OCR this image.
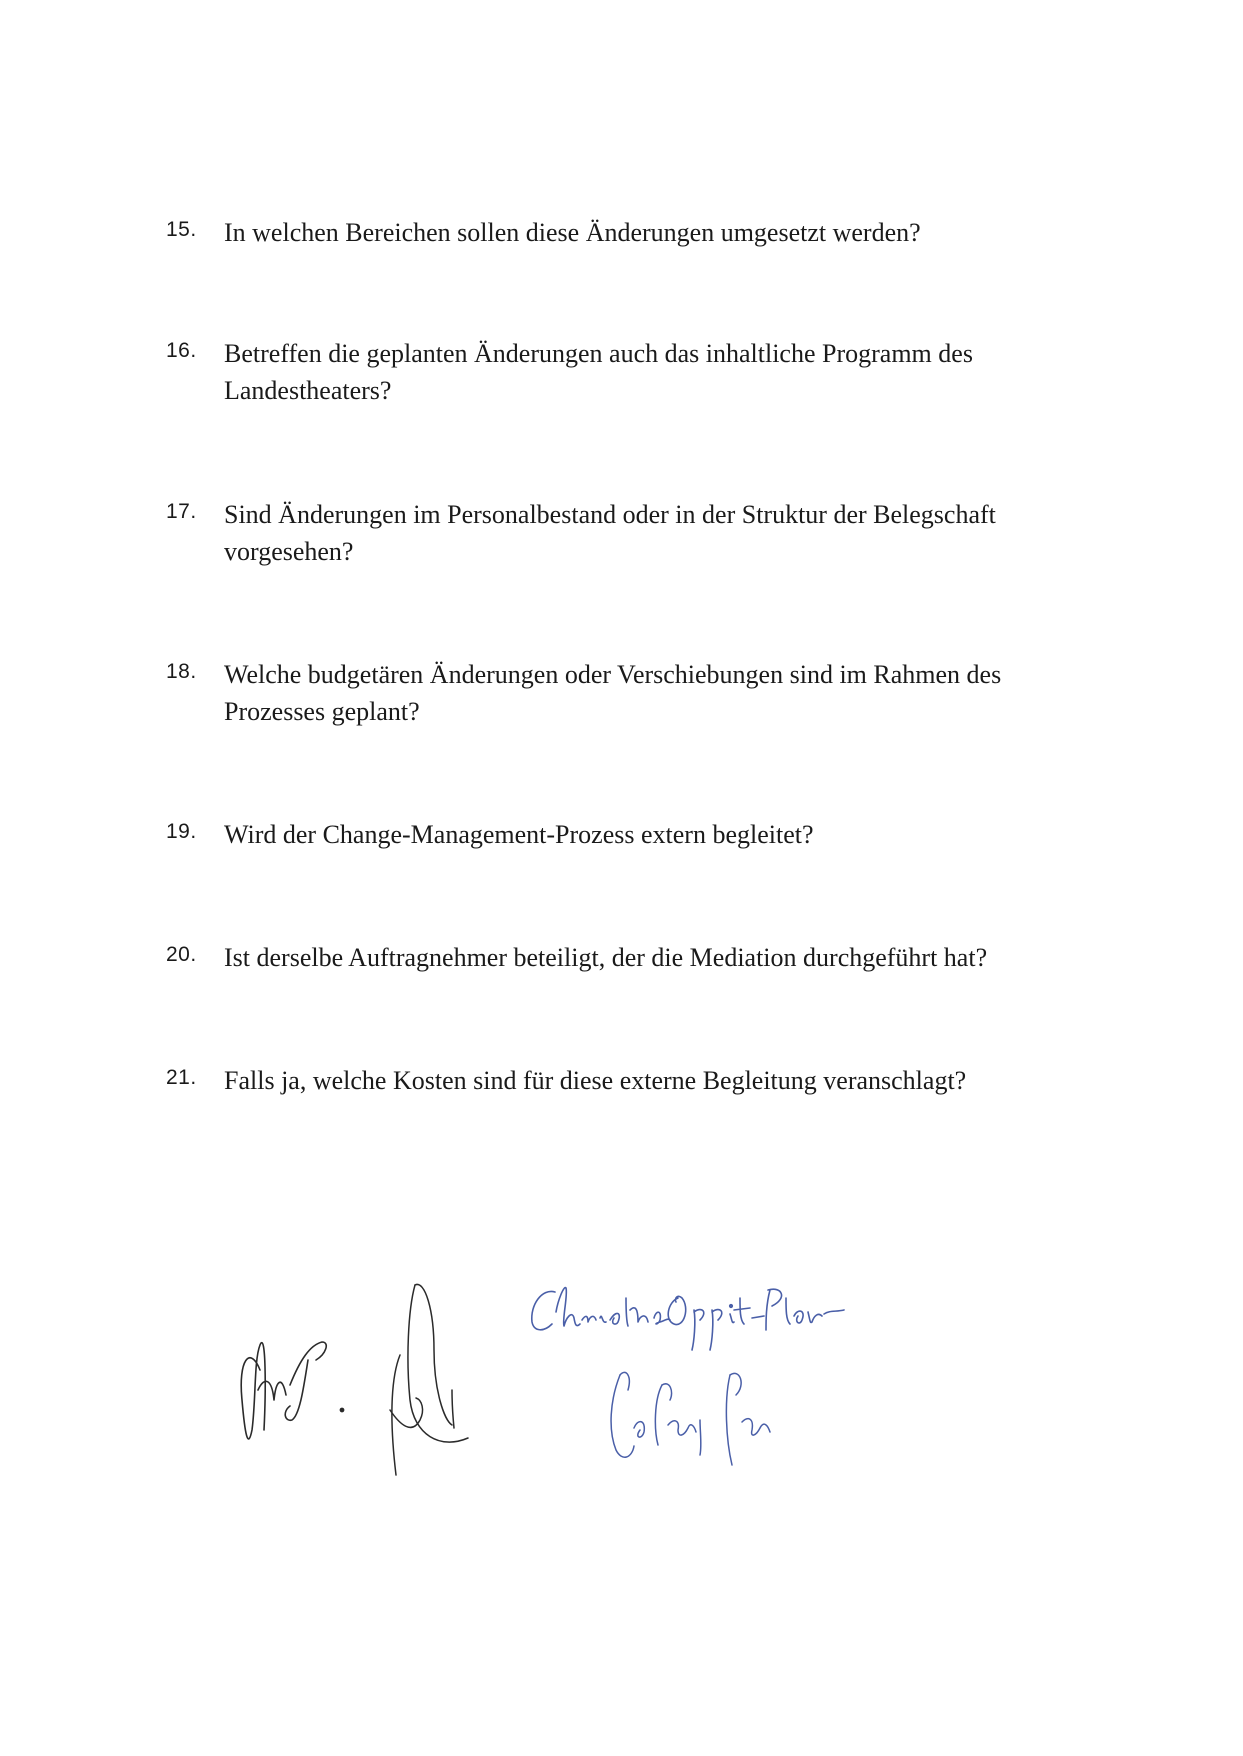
15. In welchen Bereichen sollen diese Änderungen umgesetzt werden?
16. Betreffen die geplanten Änderungen auch das inhaltliche Programm des Landestheaters?
17. Sind Änderungen im Personalbestand oder in der Struktur der Belegschaft vorgesehen?
18. Welche budgetären Änderungen oder Verschiebungen sind im Rahmen des Prozesses geplant?
19. Wird der Change-Management-Prozess extern begleitet?
20. Ist derselbe Auftragnehmer beteiligt, der die Mediation durchgeführt hat?
21. Falls ja, welche Kosten sind für diese externe Begleitung veranschlagt?
